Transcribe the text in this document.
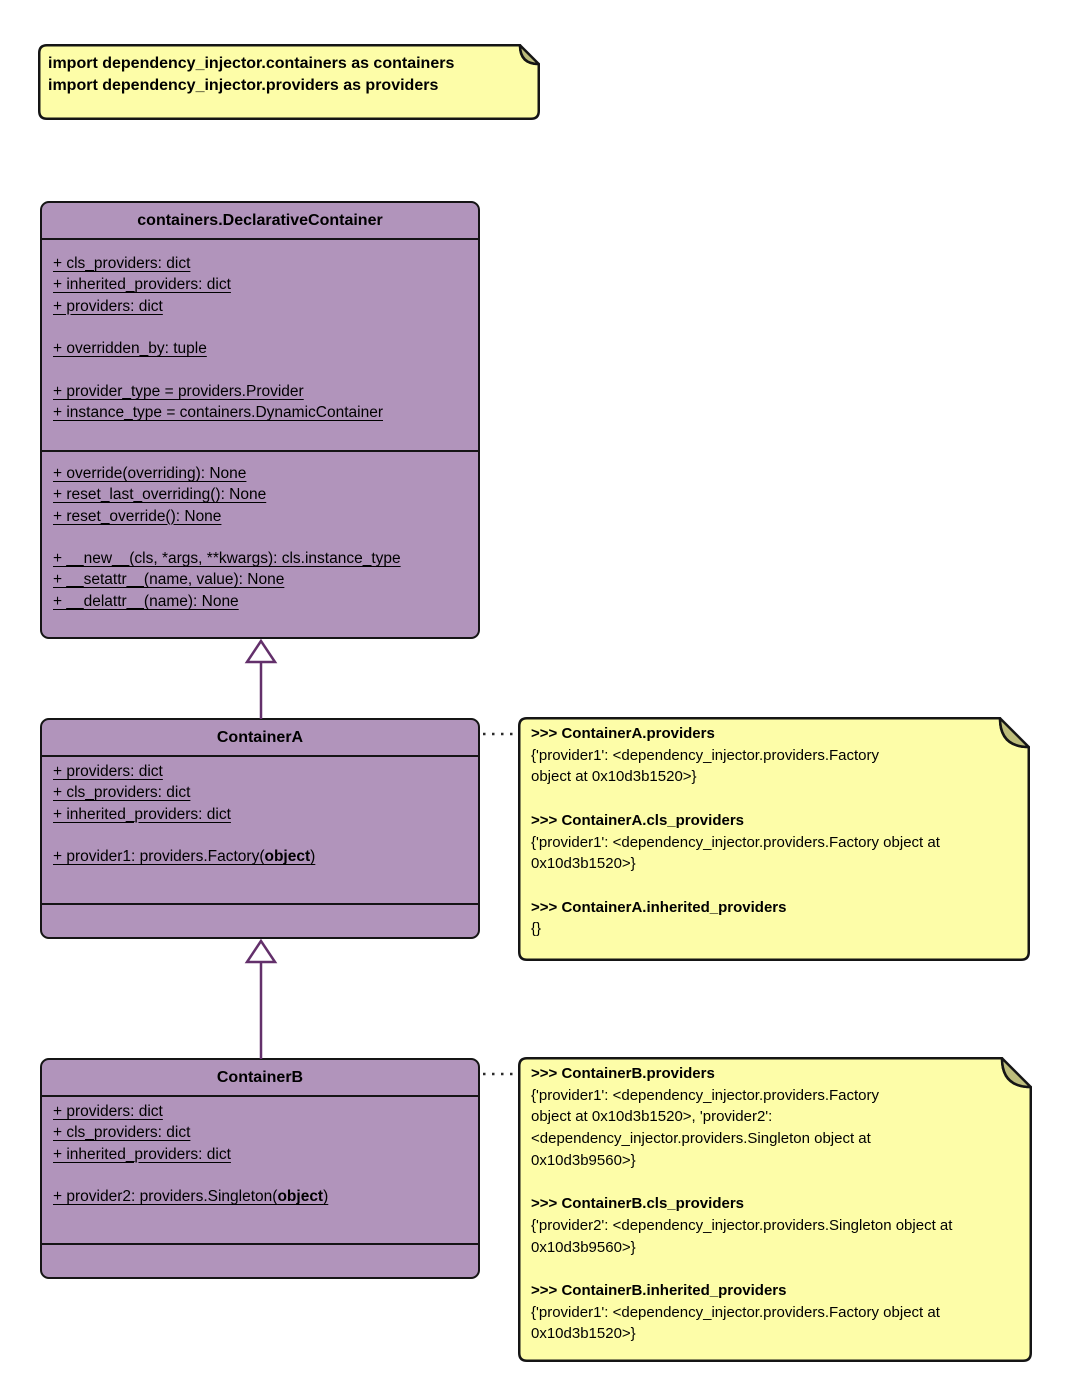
import dependency_injector.containers as containers
import dependency_injector.providers as providers
containers.DeclarativeContainer
+ cls_providers: dict
+ inherited_providers: dict
+ providers: dict
+ overridden_by: tuple
+ provider_type = providers.Provider
+ instance_type = containers.DynamicContainer
+ override(overriding): None
+ reset_last_overriding(): None
+ reset_override(): None
+ __new__(cls, *args, **kwargs): cls.instance_type
+ __setattr__(name, value): None
+ __delattr__(name): None
ContainerA
+ providers: dict
+ cls_providers: dict
+ inherited_providers: dict
+ provider1: providers.Factory(object)
ContainerB
+ providers: dict
+ cls_providers: dict
+ inherited_providers: dict
+ provider2: providers.Singleton(object)
>>> ContainerA.providers
{'provider1': <dependency_injector.providers.Factory
object at 0x10d3b1520>}
>>> ContainerA.cls_providers
{'provider1': <dependency_injector.providers.Factory object at
0x10d3b1520>}
>>> ContainerA.inherited_providers
{}
>>> ContainerB.providers
{'provider1': <dependency_injector.providers.Factory
object at 0x10d3b1520>, 'provider2':
<dependency_injector.providers.Singleton object at
0x10d3b9560>}
>>> ContainerB.cls_providers
{'provider2': <dependency_injector.providers.Singleton object at
0x10d3b9560>}
>>> ContainerB.inherited_providers
{'provider1': <dependency_injector.providers.Factory object at
0x10d3b1520>}
